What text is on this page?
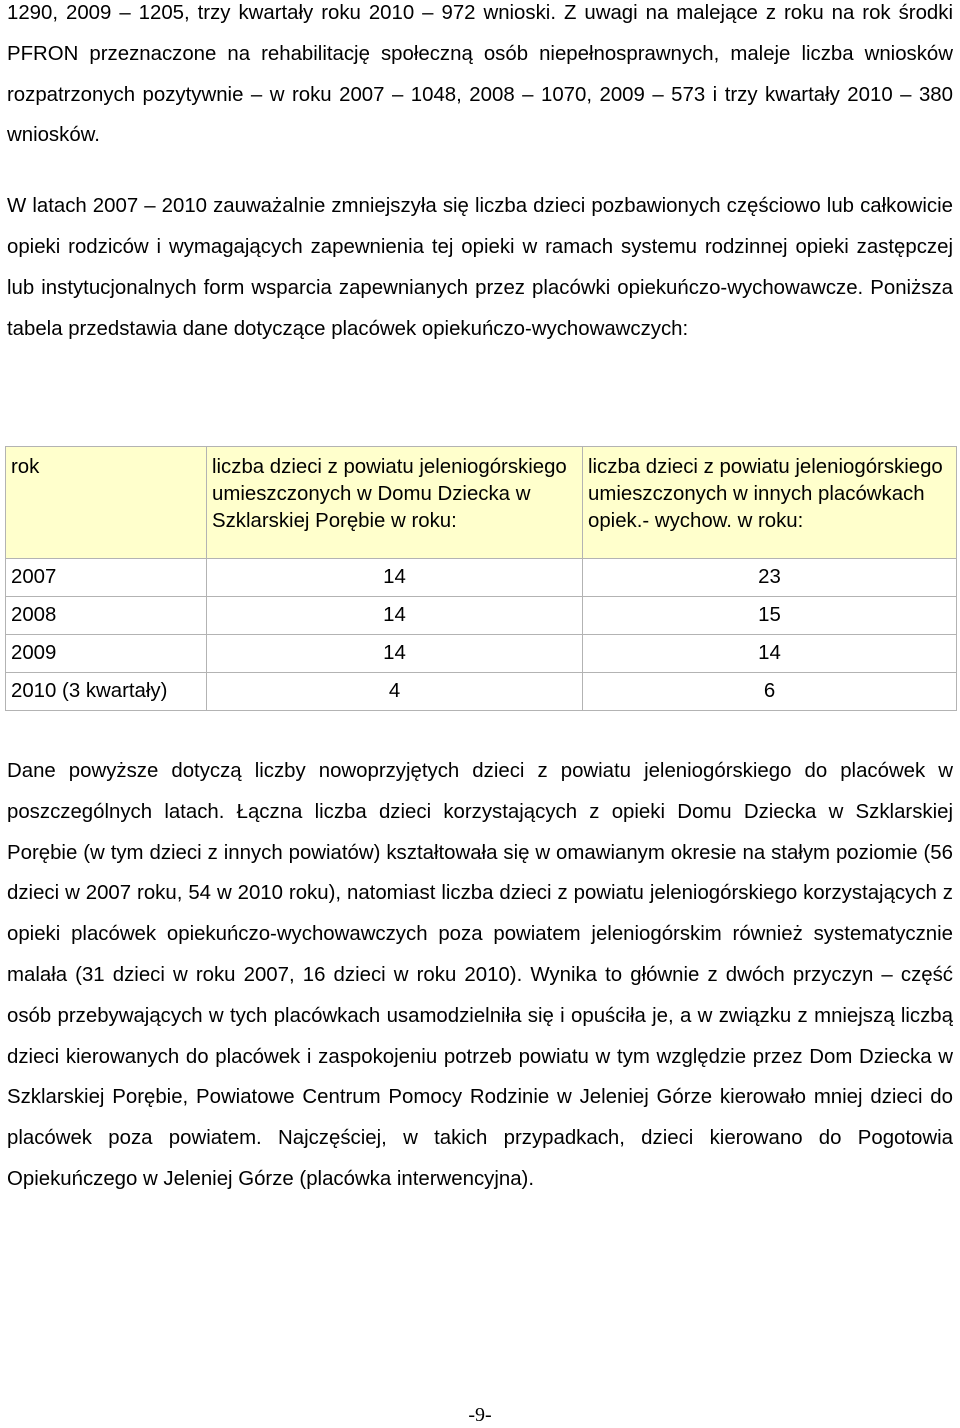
1290, 2009 – 1205, trzy kwartały roku 2010 – 972 wnioski. Z uwagi na malejące z roku na rok środki PFRON przeznaczone na rehabilitację społeczną osób niepełnosprawnych, maleje liczba wniosków rozpatrzonych pozytywnie – w roku 2007 – 1048, 2008 – 1070, 2009 – 573 i trzy kwartały 2010 – 380 wniosków.

W latach 2007 – 2010 zauważalnie zmniejszyła się liczba dzieci pozbawionych częściowo lub całkowicie opieki rodziców i wymagających zapewnienia tej opieki w ramach systemu rodzinnej opieki zastępczej lub instytucjonalnych form wsparcia zapewnianych przez placówki opiekuńczo-wychowawcze. Poniższa tabela przedstawia dane dotyczące placówek opiekuńczo-wychowawczych:

rok	liczba dzieci z powiatu jeleniogórskiego umieszczonych w Domu Dziecka w Szklarskiej Porębie w roku:	liczba dzieci z powiatu jeleniogórskiego umieszczonych w innych placówkach opiek.- wychow. w roku:
2007	14	23
2008	14	15
2009	14	14
2010 (3 kwartały)	4	6

Dane powyższe dotyczą liczby nowoprzyjętych dzieci z powiatu jeleniogórskiego do placówek w poszczególnych latach. Łączna liczba dzieci korzystających z opieki Domu Dziecka w Szklarskiej Porębie (w tym dzieci z innych powiatów) kształtowała się w omawianym okresie na stałym poziomie (56 dzieci w 2007 roku, 54 w 2010 roku), natomiast liczba dzieci z powiatu jeleniogórskiego korzystających z opieki placówek opiekuńczo-wychowawczych poza powiatem jeleniogórskim również systematycznie malała (31 dzieci w roku 2007, 16 dzieci w roku 2010). Wynika to głównie z dwóch przyczyn – część osób przebywających w tych placówkach usamodzielniła się i opuściła je, a w związku z mniejszą liczbą dzieci kierowanych do placówek i zaspokojeniu potrzeb powiatu w tym względzie przez Dom Dziecka w Szklarskiej Porębie, Powiatowe Centrum Pomocy Rodzinie w Jeleniej Górze kierowało mniej dzieci do placówek poza powiatem. Najczęściej, w takich przypadkach, dzieci kierowano do Pogotowia Opiekuńczego w Jeleniej Górze (placówka interwencyjna).

-9-
